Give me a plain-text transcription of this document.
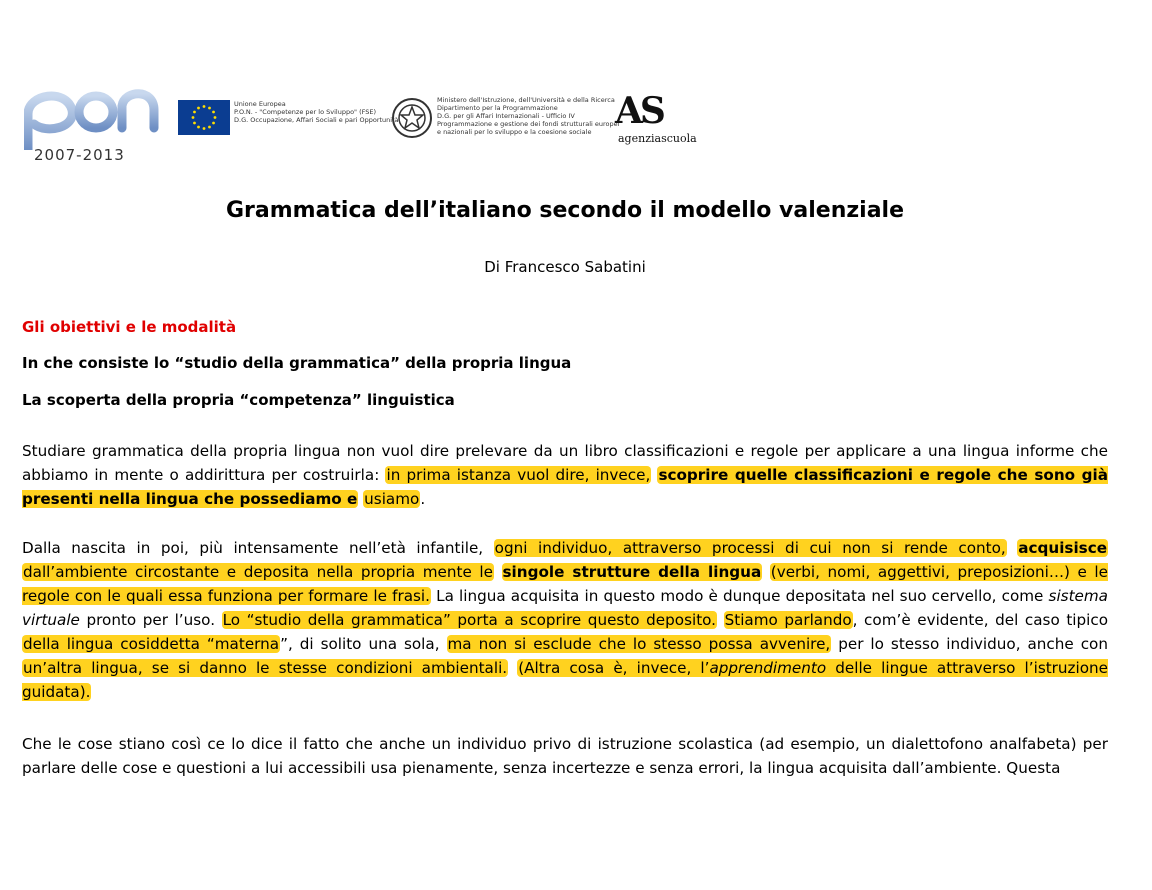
2007-2013
Unione Europea
P.O.N. - "Competenze per lo Sviluppo" (FSE)
D.G. Occupazione, Affari Sociali e pari Opportunità
Ministero dell'Istruzione, dell'Università e della Ricerca
Dipartimento per la Programmazione
D.G. per gli Affari Internazionali - Ufficio IV
Programmazione e gestione dei fondi strutturali europei
e nazionali per lo sviluppo e la coesione sociale AS
agenziascuola
Grammatica dell’italiano secondo il modello valenziale
Di Francesco Sabatini
Gli obiettivi e le modalità
In che consiste lo “studio della grammatica” della propria lingua
La scoperta della propria “competenza” linguistica
Studiare grammatica della propria lingua non vuol dire prelevare da un libro classificazioni e regole per applicare a una lingua informe che abbiamo in mente o addirittura per costruirla: in prima istanza vuol dire, invece, scoprire quelle classificazioni e regole che sono già presenti nella lingua che possediamo e usiamo.
Dalla nascita in poi, più intensamente nell’età infantile, ogni individuo, attraverso processi di cui non si rende conto, acquisisce dall’ambiente circostante e deposita nella propria mente le singole strutture della lingua (verbi, nomi, aggettivi, preposizioni…) e le regole con le quali essa funziona per formare le frasi. La lingua acquisita in questo modo è dunque depositata nel suo cervello, come sistema virtuale pronto per l’uso. Lo “studio della grammatica” porta a scoprire questo deposito. Stiamo parlando, com’è evidente, del caso tipico della lingua cosiddetta “materna”, di solito una sola, ma non si esclude che lo stesso possa avvenire, per lo stesso individuo, anche con un’altra lingua, se si danno le stesse condizioni ambientali. (Altra cosa è, invece, l’apprendimento delle lingue attraverso l’istruzione guidata).
Che le cose stiano così ce lo dice il fatto che anche un individuo privo di istruzione scolastica (ad esempio, un dialettofono analfabeta) per parlare delle cose e questioni a lui accessibili usa pienamente, senza incertezze e senza errori, la lingua acquisita dall’ambiente. Questa
